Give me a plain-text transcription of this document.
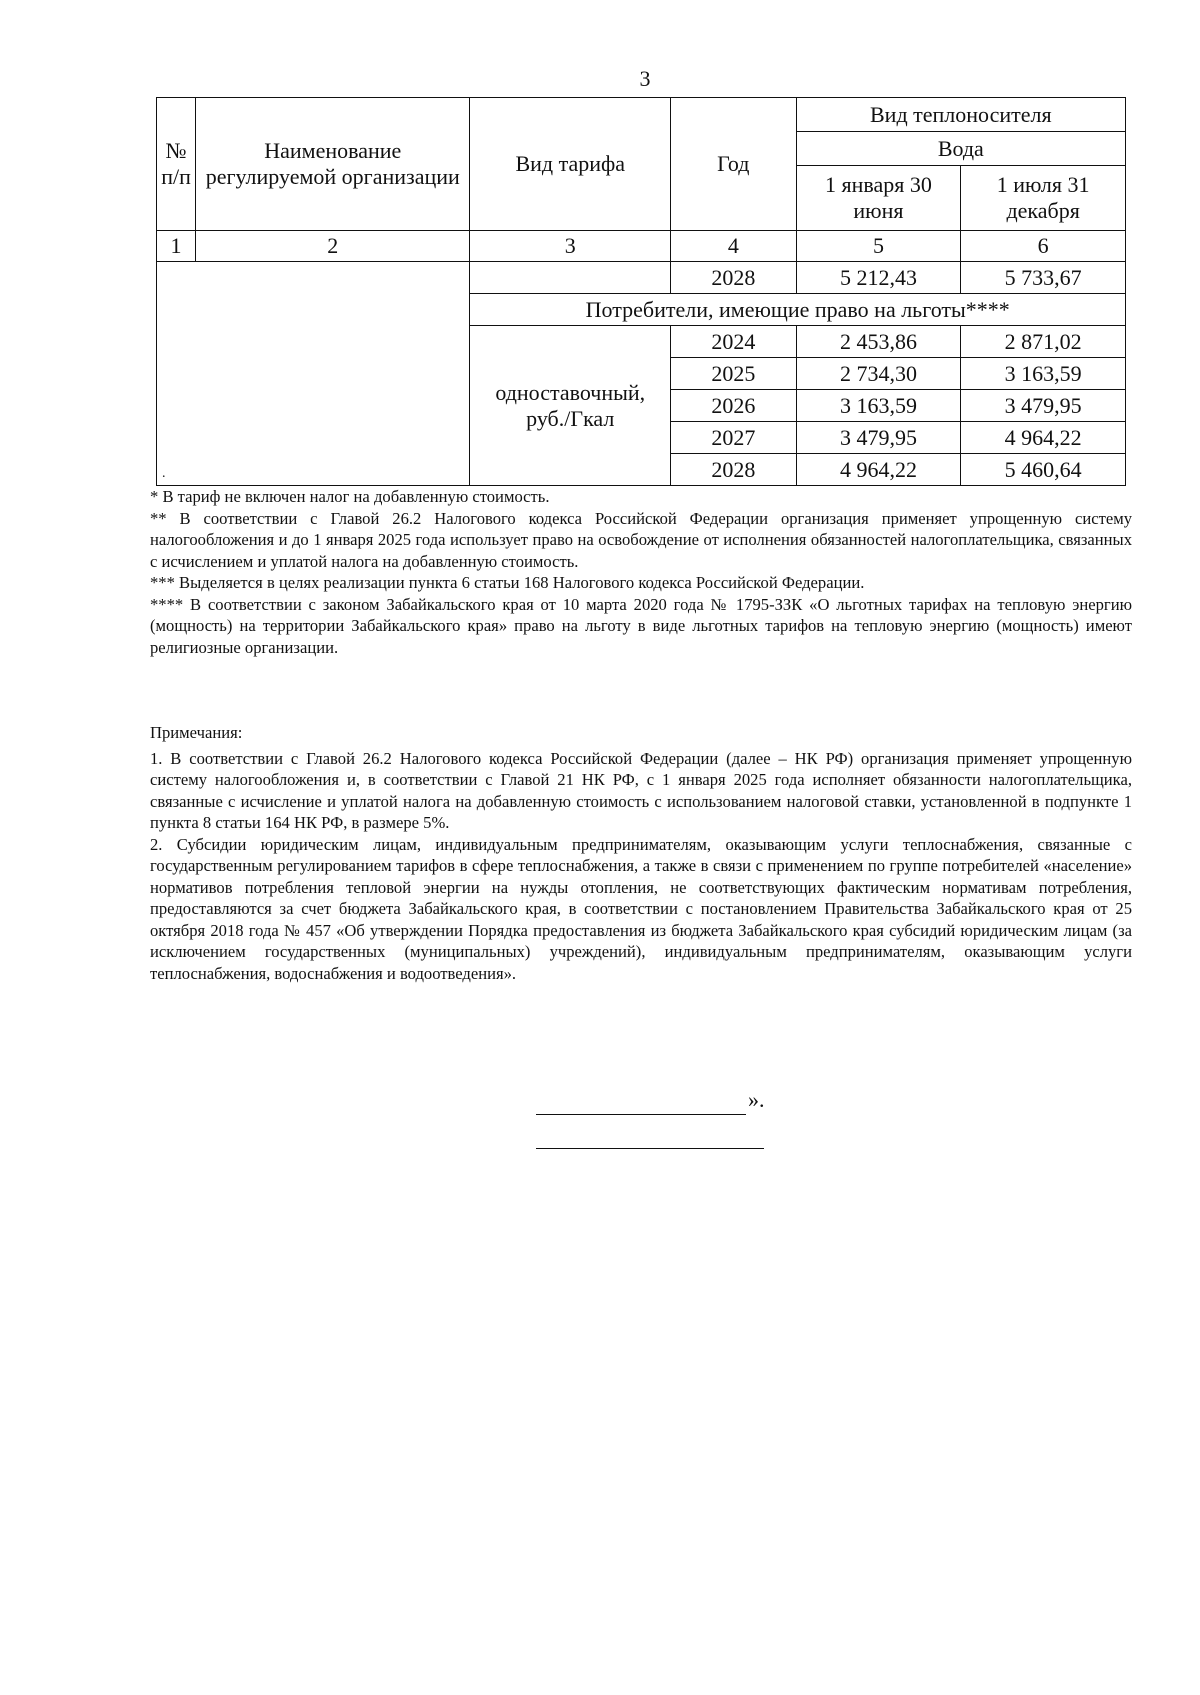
3
№ п/п	Наименование регулируемой организации	Вид тарифа	Год	Вид теплоносителя	
				Вода	
				1 января 30 июня	1 июля 31 декабря
1	2	3	4	5	6

.			2028	5 212,43	5 733,67
		Потребители, имеющие право на льготы****			
		одноставочный, руб./Гкал	2024	2 453,86	2 871,02
			2025	2 734,30	3 163,59
			2026	3 163,59	3 479,95
			2027	3 479,95	4 964,22
			2028	4 964,22	5 460,64

* В тариф не включен налог на добавленную стоимость.

** В соответствии с Главой 26.2 Налогового кодекса Российской Федерации организация применяет упрощенную систему налогообложения и до 1 января 2025 года использует право на освобождение от исполнения обязанностей налогоплательщика, связанных с исчислением и уплатой налога на добавленную стоимость.

*** Выделяется в целях реализации пункта 6 статьи 168 Налогового кодекса Российской Федерации.

**** В соответствии с законом Забайкальского края от 10 марта 2020 года № 1795-ЗЗК «О льготных тарифах на тепловую энергию (мощность) на территории Забайкальского края» право на льготу в виде льготных тарифов на тепловую энергию (мощность) имеют религиозные организации.

Примечания:

1. В соответствии с Главой 26.2 Налогового кодекса Российской Федерации (далее – НК РФ) организация применяет упрощенную систему налогообложения и, в соответствии с Главой 21 НК РФ, с 1 января 2025 года исполняет обязанности налогоплательщика, связанные с исчисление и уплатой налога на добавленную стоимость с использованием налоговой ставки, установленной в подпункте 1 пункта 8 статьи 164 НК РФ, в размере 5%.

2. Субсидии юридическим лицам, индивидуальным предпринимателям, оказывающим услуги теплоснабжения, связанные с государственным регулированием тарифов в сфере теплоснабжения, а также в связи с применением по группе потребителей «население» нормативов потребления тепловой энергии на нужды отопления, не соответствующих фактическим нормативам потребления, предоставляются за счет бюджета Забайкальского края, в соответствии с постановлением Правительства Забайкальского края от 25 октября 2018 года № 457 «Об утверждении Порядка предоставления из бюджета Забайкальского края субсидий юридическим лицам (за исключением государственных (муниципальных) учреждений), индивидуальным предпринимателям, оказывающим услуги теплоснабжения, водоснабжения и водоотведения».

».
